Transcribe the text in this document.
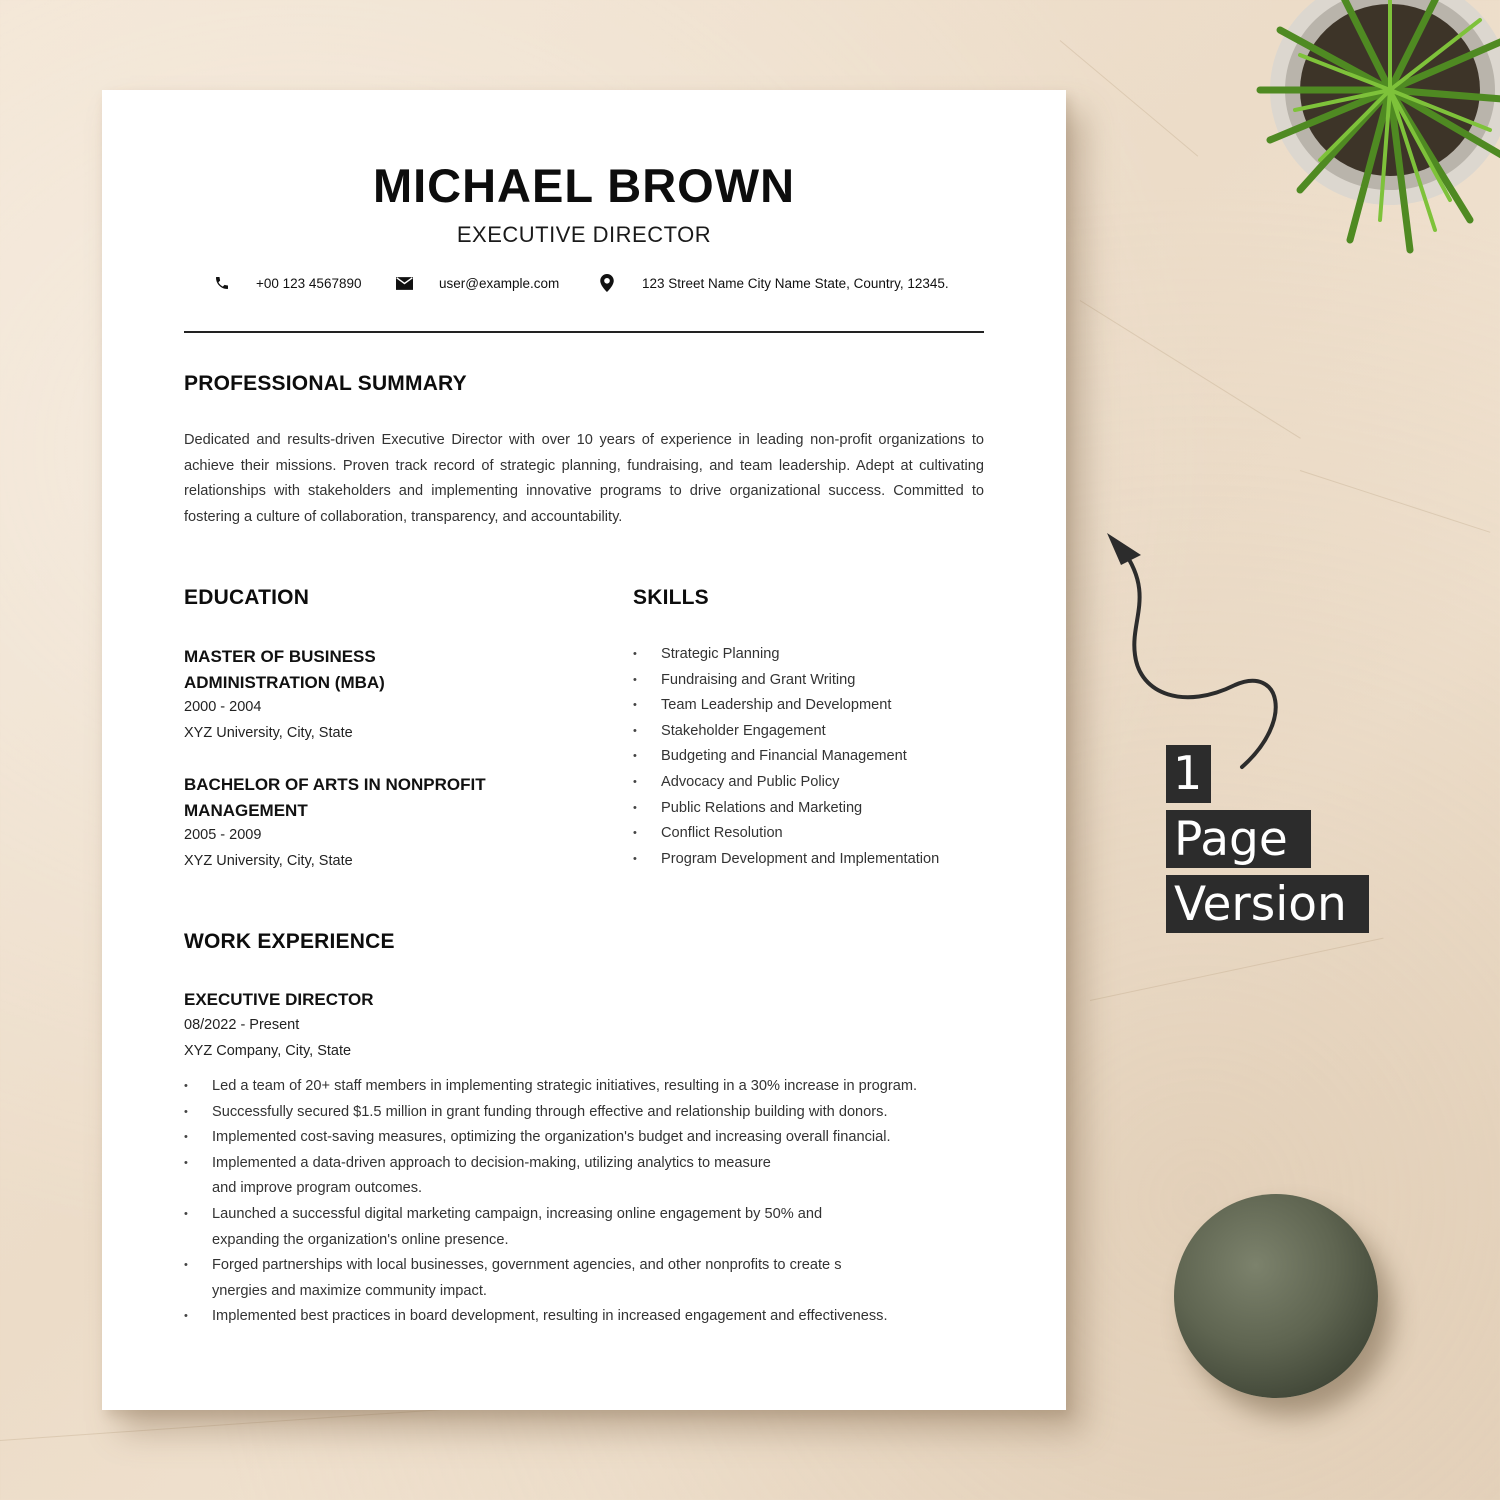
MICHAEL BROWN
EXECUTIVE DIRECTOR
+00 123 4567890	user@example.com	123 Street Name City Name State, Country, 12345.
PROFESSIONAL SUMMARY

Dedicated and results-driven Executive Director with over 10 years of experience in leading non-profit organizations to achieve their missions. Proven track record of strategic planning, fundraising, and team leadership. Adept at cultivating relationships with stakeholders and implementing innovative programs to drive organizational success. Committed to fostering a culture of collaboration, transparency, and accountability.

EDUCATION
MASTER OF BUSINESS ADMINISTRATION (MBA)
2000 - 2004
XYZ University, City, State
BACHELOR OF ARTS IN NONPROFIT MANAGEMENT
2005 - 2009
XYZ University, City, State
SKILLS
• Strategic Planning
• Fundraising and Grant Writing
• Team Leadership and Development
• Stakeholder Engagement
• Budgeting and Financial Management
• Advocacy and Public Policy
• Public Relations and Marketing
• Conflict Resolution
• Program Development and Implementation
WORK EXPERIENCE
EXECUTIVE DIRECTOR
08/2022 - Present
XYZ Company, City, State
• Led a team of 20+ staff members in implementing strategic initiatives, resulting in a 30% increase in program.
• Successfully secured $1.5 million in grant funding through effective and relationship building with donors.
• Implemented cost-saving measures, optimizing the organization's budget and increasing overall financial.
• Implemented a data-driven approach to decision-making, utilizing analytics to measure
and improve program outcomes.
• Launched a successful digital marketing campaign, increasing online engagement by 50% and
expanding the organization's online presence.
• Forged partnerships with local businesses, government agencies, and other nonprofits to create s
ynergies and maximize community impact.
• Implemented best practices in board development, resulting in increased engagement and effectiveness.
1
Page
Version
